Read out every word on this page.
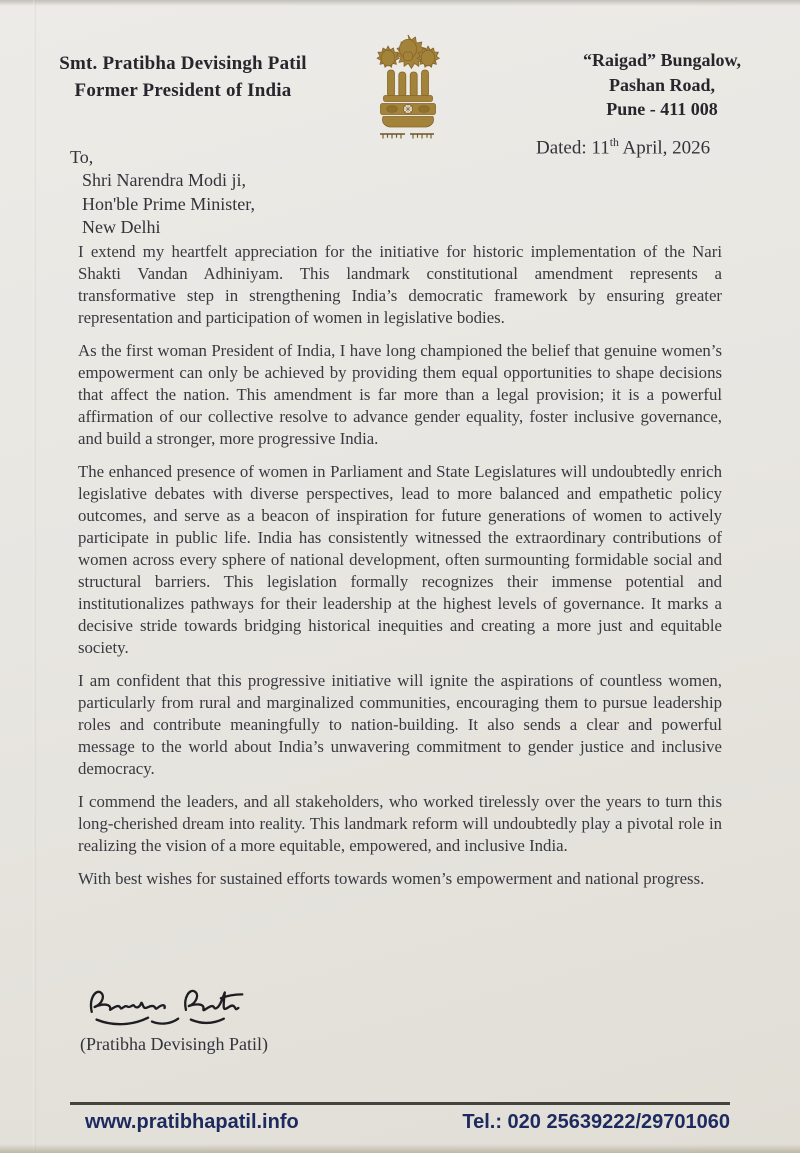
Smt. Pratibha Devisingh Patil
Former President of India
“Raigad” Bungalow,
Pashan Road,
Pune - 411 008
Dated: 11th April, 2026
To,
Shri Narendra Modi ji,
Hon'ble Prime Minister,
New Delhi

I extend my heartfelt appreciation for the initiative for historic implementation of the Nari Shakti Vandan Adhiniyam. This landmark constitutional amendment represents a transformative step in strengthening India’s democratic framework by ensuring greater representation and participation of women in legislative bodies.

As the first woman President of India, I have long championed the belief that genuine women’s empowerment can only be achieved by providing them equal opportunities to shape decisions that affect the nation. This amendment is far more than a legal provision; it is a powerful affirmation of our collective resolve to advance gender equality, foster inclusive governance, and build a stronger, more progressive India.

The enhanced presence of women in Parliament and State Legislatures will undoubtedly enrich legislative debates with diverse perspectives, lead to more balanced and empathetic policy outcomes, and serve as a beacon of inspiration for future generations of women to actively participate in public life. India has consistently witnessed the extraordinary contributions of women across every sphere of national development, often surmounting formidable social and structural barriers. This legislation formally recognizes their immense potential and institutionalizes pathways for their leadership at the highest levels of governance. It marks a decisive stride towards bridging historical inequities and creating a more just and equitable society.

I am confident that this progressive initiative will ignite the aspirations of countless women, particularly from rural and marginalized communities, encouraging them to pursue leadership roles and contribute meaningfully to nation-building. It also sends a clear and powerful message to the world about India’s unwavering commitment to gender justice and inclusive democracy.

I commend the leaders, and all stakeholders, who worked tirelessly over the years to turn this long-cherished dream into reality. This landmark reform will undoubtedly play a pivotal role in realizing the vision of a more equitable, empowered, and inclusive India.

With best wishes for sustained efforts towards women’s empowerment and national progress.

(Pratibha Devisingh Patil)
www.pratibhapatil.info	Tel.: 020 25639222/29701060
